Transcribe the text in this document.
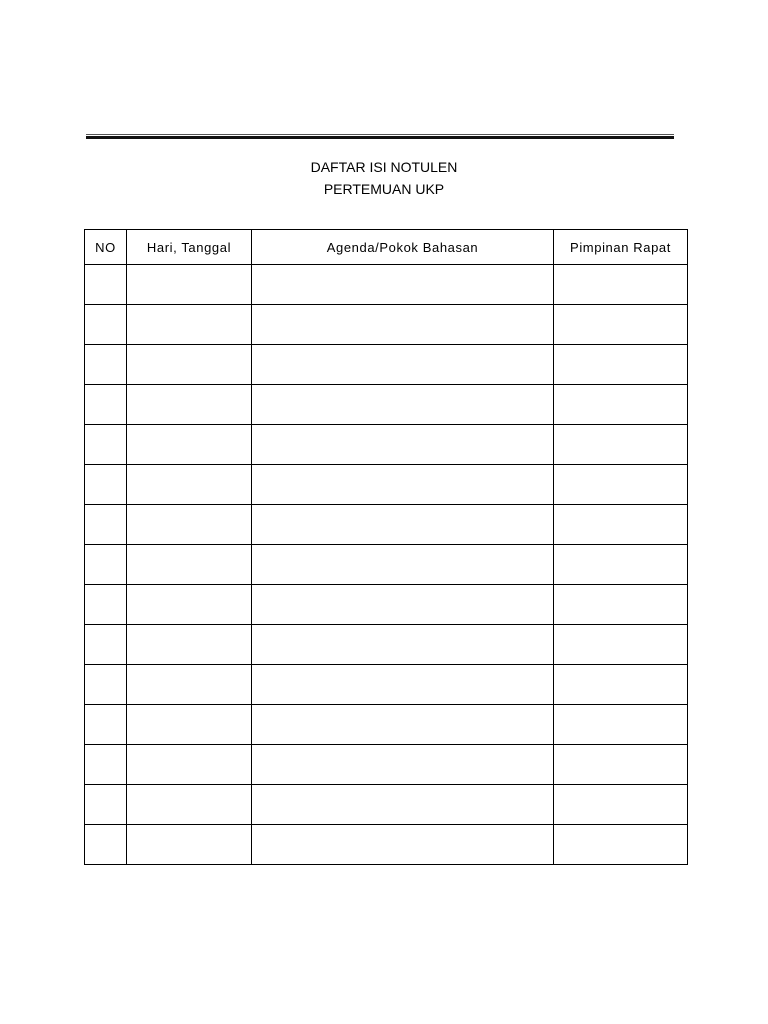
DAFTAR ISI NOTULEN
PERTEMUAN UKP
NO	Hari, Tanggal	Agenda/Pokok Bahasan	Pimpinan Rapat
